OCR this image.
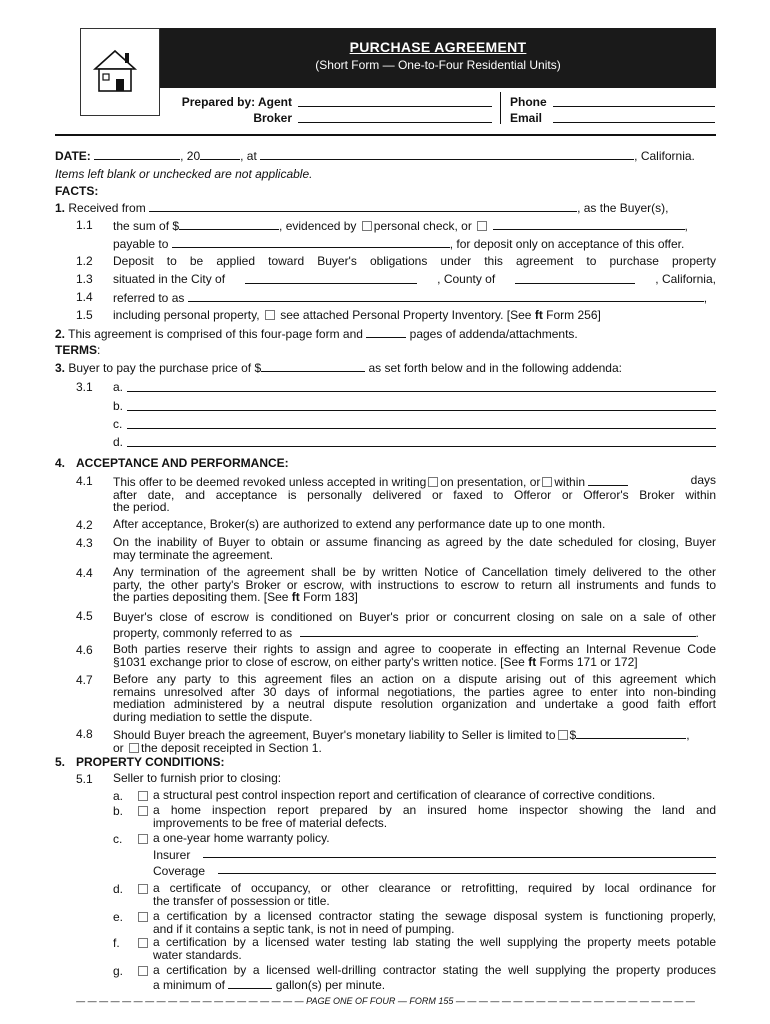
PURCHASE AGREEMENT
(Short Form — One-to-Four Residential Units)
Prepared by: Agent
Broker
Phone
Email
DATE:	, 20	, at	, California.
Items left blank or unchecked are not applicable.
FACTS:
1. Received from	, as the Buyer(s),
1.1 the sum of $	, evidenced by personal check, or	,
payable to	, for deposit only on acceptance of this offer.
1.2 Deposit to be applied toward Buyer's obligations under this agreement to purchase property
1.3 situated in the City of	, County of	, California,
1.4 referred to as	,
1.5 including personal property, see attached Personal Property Inventory. [See ft Form 256]
2. This agreement is comprised of this four-page form and	pages of addenda/attachments.
TERMS:
3. Buyer to pay the purchase price of $	as set forth below and in the following addenda:
3.1 a.
b.
c.
d.
4. ACCEPTANCE AND PERFORMANCE:
4.1 This offer to be deemed revoked unless accepted in writing on presentation, or within	days
after date, and acceptance is personally delivered or faxed to Offeror or Offeror's Broker within
the period.
4.2 After acceptance, Broker(s) are authorized to extend any performance date up to one month.
4.3 On the inability of Buyer to obtain or assume financing as agreed by the date scheduled for closing, Buyer
may terminate the agreement.
4.4 Any termination of the agreement shall be by written Notice of Cancellation timely delivered to the other
party, the other party's Broker or escrow, with instructions to escrow to return all instruments and funds to
the parties depositing them. [See ft Form 183]
4.5 Buyer's close of escrow is conditioned on Buyer's prior or concurrent closing on sale on a sale of other
property, commonly referred to as	.
4.6 Both parties reserve their rights to assign and agree to cooperate in effecting an Internal Revenue Code
§1031 exchange prior to close of escrow, on either party's written notice. [See ft Forms 171 or 172]
4.7 Before any party to this agreement files an action on a dispute arising out of this agreement which
remains unresolved after 30 days of informal negotiations, the parties agree to enter into non-binding
mediation administered by a neutral dispute resolution organization and undertake a good faith effort
during mediation to settle the dispute.
4.8 Should Buyer breach the agreement, Buyer's monetary liability to Seller is limited to $	,
or the deposit receipted in Section 1.
5. PROPERTY CONDITIONS:
5.1 Seller to furnish prior to closing:
a. a structural pest control inspection report and certification of clearance of corrective conditions.
b. a home inspection report prepared by an insured home inspector showing the land and
improvements to be free of material defects.
c.	a one-year home warranty policy.
Insurer
Coverage
d. a certificate of occupancy, or other clearance or retrofitting, required by local ordinance for
the transfer of possession or title.
e. a certification by a licensed contractor stating the sewage disposal system is functioning properly,
and if it contains a septic tank, is not in need of pumping.
f.	a certification by a licensed water testing lab stating the well supplying the property meets potable
water standards.
g. a certification by a licensed well-drilling contractor stating the well supplying the property produces
a minimum of	gallon(s) per minute.
— — — — — — — — — — — — — — — — — — — — PAGE ONE OF FOUR — FORM 155 — — — — — — — — — — — — — — — — — — — — —
